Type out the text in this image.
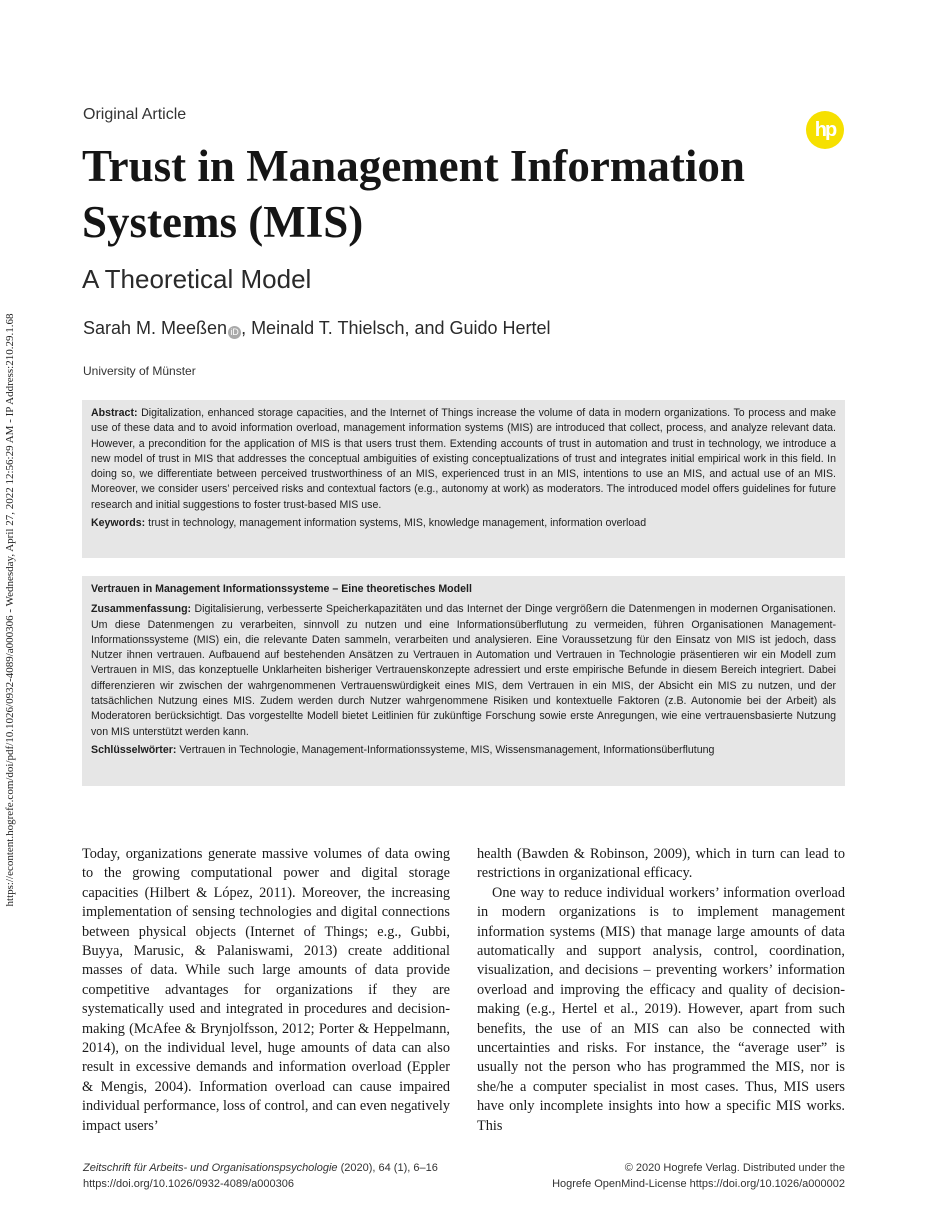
https://econtent.hogrefe.com/doi/pdf/10.1026/0932-4089/a000306 - Wednesday, April 27, 2022 12:56:29 AM - IP Address:210.29.1.68
Original Article
Trust in Management Information Systems (MIS)
A Theoretical Model
Sarah M. Meeßen iD , Meinald T. Thielsch, and Guido Hertel
University of Münster
hp

Abstract: Digitalization, enhanced storage capacities, and the Internet of Things increase the volume of data in modern organizations. To process and make use of these data and to avoid information overload, management information systems (MIS) are introduced that collect, process, and analyze relevant data. However, a precondition for the application of MIS is that users trust them. Extending accounts of trust in automation and trust in technology, we introduce a new model of trust in MIS that addresses the conceptual ambiguities of existing conceptualizations of trust and integrates initial empirical work in this field. In doing so, we differentiate between perceived trustworthiness of an MIS, experienced trust in an MIS, intentions to use an MIS, and actual use of an MIS. Moreover, we consider users’ perceived risks and contextual factors (e.g., autonomy at work) as moderators. The introduced model offers guidelines for future research and initial suggestions to foster trust-based MIS use.

Keywords: trust in technology, management information systems, MIS, knowledge management, information overload

Vertrauen in Management Informationssysteme – Eine theoretisches Modell

Zusammenfassung: Digitalisierung, verbesserte Speicherkapazitäten und das Internet der Dinge vergrößern die Datenmengen in modernen Organisationen. Um diese Datenmengen zu verarbeiten, sinnvoll zu nutzen und eine Informationsüberflutung zu vermeiden, führen Organisationen Management-Informationssysteme (MIS) ein, die relevante Daten sammeln, verarbeiten und analysieren. Eine Voraussetzung für den Einsatz von MIS ist jedoch, dass Nutzer ihnen vertrauen. Aufbauend auf bestehenden Ansätzen zu Vertrauen in Automation und Vertrauen in Technologie präsentieren wir ein Modell zum Vertrauen in MIS, das konzeptuelle Unklarheiten bisheriger Vertrauenskonzepte adressiert und erste empirische Befunde in diesem Bereich integriert. Dabei differenzieren wir zwischen der wahrgenommenen Vertrauenswürdigkeit eines MIS, dem Vertrauen in ein MIS, der Absicht ein MIS zu nutzen, und der tatsächlichen Nutzung eines MIS. Zudem werden durch Nutzer wahrgenommene Risiken und kontextuelle Faktoren (z.B. Autonomie bei der Arbeit) als Moderatoren berücksichtigt. Das vorgestellte Modell bietet Leitlinien für zukünftige Forschung sowie erste Anregungen, wie eine vertrauensbasierte Nutzung von MIS unterstützt werden kann.

Schlüsselwörter: Vertrauen in Technologie, Management-Informationssysteme, MIS, Wissensmanagement, Informationsüberflutung

Today, organizations generate massive volumes of data owing to the growing computational power and digital storage capacities (Hilbert & López, 2011). Moreover, the increasing implementation of sensing technologies and digital connections between physical objects (Internet of Things; e.g., Gubbi, Buyya, Marusic, & Palaniswami, 2013) create additional masses of data. While such large amounts of data provide competitive advantages for organizations if they are systematically used and integrated in procedures and decision-making (McAfee & Brynjolfsson, 2012; Porter & Heppelmann, 2014), on the individual level, huge amounts of data can also result in excessive demands and information overload (Eppler & Mengis, 2004). Information overload can cause impaired individual performance, loss of control, and can even negatively impact users’

health (Bawden & Robinson, 2009), which in turn can lead to restrictions in organizational efficacy.

One way to reduce individual workers’ information overload in modern organizations is to implement management information systems (MIS) that manage large amounts of data automatically and support analysis, control, coordination, visualization, and decisions – preventing workers’ information overload and improving the efficacy and quality of decision-making (e.g., Hertel et al., 2019). However, apart from such benefits, the use of an MIS can also be connected with uncertainties and risks. For instance, the “average user” is usually not the person who has programmed the MIS, nor is she/he a computer specialist in most cases. Thus, MIS users have only incomplete insights into how a specific MIS works. This

Zeitschrift für Arbeits- und Organisationspsychologie (2020), 64 (1), 6–16
https://doi.org/10.1026/0932-4089/a000306
© 2020 Hogrefe Verlag. Distributed under the
Hogrefe OpenMind-License https://doi.org/10.1026/a000002
